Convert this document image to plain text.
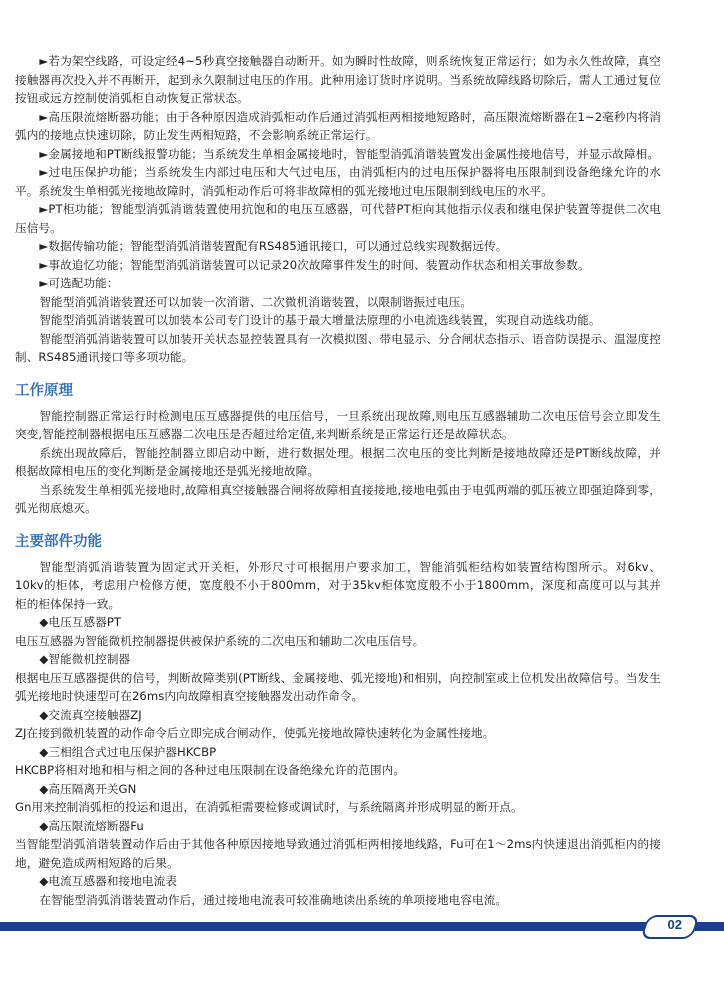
►若为架空线路，可设定经4~5秒真空接触器自动断开。如为瞬时性故障，则系统恢复正常运行；如为永久性故障，真空接触器再次投入并不再断开，起到永久限制过电压的作用。此种用途订货时序说明。当系统故障线路切除后，需人工通过复位按钮或远方控制使消弧柜自动恢复正常状态。

►高压限流熔断器功能；由于各种原因造成消弧柜动作后通过消弧柜两相接地短路时，高压限流熔断器在1~2毫秒内将消弧内的接地点快速切除，防止发生两相短路，不会影响系统正常运行。

►金属接地和PT断线报警功能；当系统发生单相金属接地时，智能型消弧消谐装置发出金属性接地信号，并显示故障相。

►过电压保护功能；当系统发生内部过电压和大气过电压，由消弧柜内的过电压保护器将电压限制到设备绝缘允许的水平。系统发生单相弧光接地故障时，消弧柜动作后可将非故障相的弧光接地过电压限制到线电压的水平。

►PT柜功能；智能型消弧消谐装置使用抗饱和的电压互感器，可代替PT柜向其他指示仪表和继电保护装置等提供二次电压信号。

►数据传输功能；智能型消弧消谐装置配有RS485通讯接口，可以通过总线实现数据远传。

►事故追忆功能；智能型消弧消谐装置可以记录20次故障事件发生的时间、装置动作状态和相关事故参数。

►可选配功能：

智能型消弧消谐装置还可以加装一次消谐、二次微机消谐装置，以限制谐振过电压。

智能型消弧消谐装置可以加装本公司专门设计的基于最大增量法原理的小电流选线装置，实现自动选线功能。

智能型消弧消谐装置可以加装开关状态显控装置具有一次模拟图、带电显示、分合闸状态指示、语音防误提示、温湿度控制、RS485通讯接口等多项功能。

工作原理

智能控制器正常运行时检测电压互感器提供的电压信号，一旦系统出现故障,则电压互感器辅助二次电压信号会立即发生突变,智能控制器根据电压互感器二次电压是否超过给定值,来判断系统是正常运行还是故障状态。

系统出现故障后，智能控制器立即启动中断，进行数据处理。根据二次电压的变比判断是接地故障还是PT断线故障，并根据故障相电压的变化判断是金属接地还是弧光接地故障。

当系统发生单相弧光接地时,故障相真空接触器合闸将故障相直接接地,接地电弧由于电弧两端的弧压被立即强迫降到零，弧光彻底熄灭。

主要部件功能

智能型消弧消谐装置为固定式开关柜，外形尺寸可根据用户要求加工，智能消弧柜结构如装置结构图所示。对6kv、10kv的柜体，考虑用户检修方便，宽度般不小于800mm，对于35kv柜体宽度般不小于1800mm，深度和高度可以与其并柜的柜体保持一致。

◆电压互感器PT

电压互感器为智能微机控制器提供被保护系统的二次电压和辅助二次电压信号。

◆智能微机控制器

根据电压互感器提供的信号，判断故障类别(PT断线、金属接地、弧光接地)和相别，向控制室或上位机发出故障信号。当发生弧光接地时快速型可在26ms内向故障相真空接触器发出动作命令。

◆交流真空接触器ZJ

ZJ在接到微机装置的动作命令后立即完成合闸动作，使弧光接地故障快速转化为金属性接地。

◆三相组合式过电压保护器HKCBP

HKCBP将相对地和相与相之间的各种过电压限制在设备绝缘允许的范围内。

◆高压隔离开关GN

Gn用来控制消弧柜的投运和退出，在消弧柜需要检修或调试时，与系统隔离并形成明显的断开点。

◆高压限流熔断器Fu

当智能型消弧消谐装置动作后由于其他各种原因接地导致通过消弧柜两相接地线路，Fu可在1～2ms内快速退出消弧柜内的接地，避免造成两相短路的后果。

◆电流互感器和接地电流表

在智能型消弧消谐装置动作后，通过接地电流表可较准确地读出系统的单项接地电容电流。

02
